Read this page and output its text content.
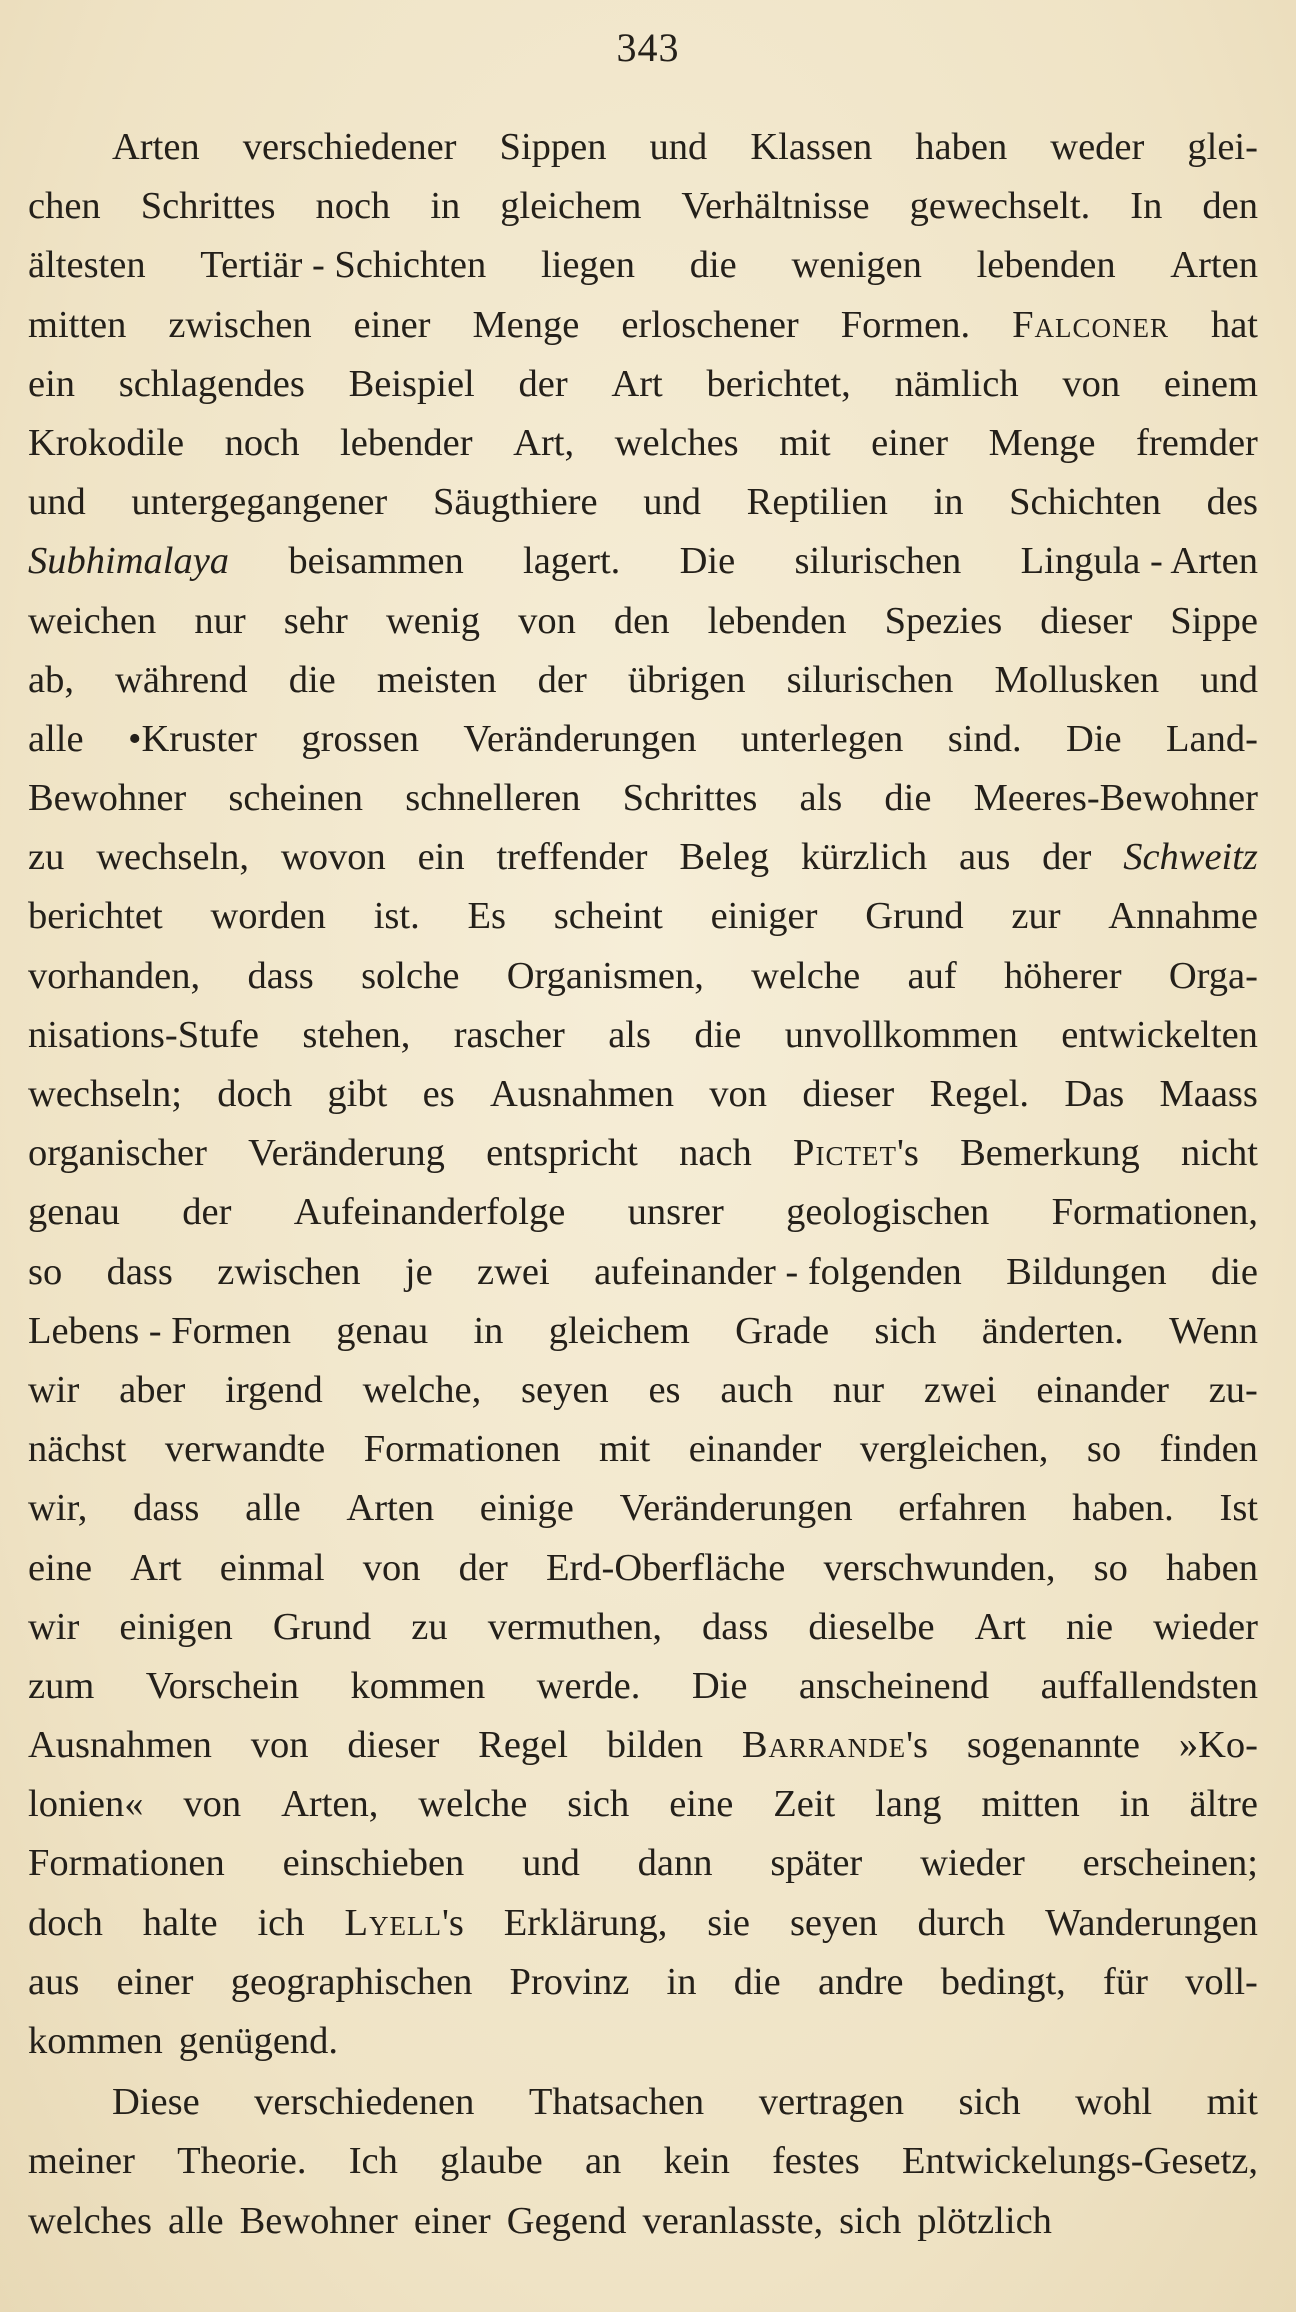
343
Arten verschiedener Sippen und Klassen haben weder glei-
chen Schrittes noch in gleichem Verhältnisse gewechselt. In den
ältesten Tertiär - Schichten liegen die wenigen lebenden Arten
mitten zwischen einer Menge erloschener Formen. Falconer hat
ein schlagendes Beispiel der Art berichtet, nämlich von einem
Krokodile noch lebender Art, welches mit einer Menge fremder
und untergegangener Säugthiere und Reptilien in Schichten des
Subhimalaya beisammen lagert. Die silurischen Lingula - Arten
weichen nur sehr wenig von den lebenden Spezies dieser Sippe
ab, während die meisten der übrigen silurischen Mollusken und
alle •Kruster grossen Veränderungen unterlegen sind. Die Land-
Bewohner scheinen schnelleren Schrittes als die Meeres-Bewohner
zu wechseln, wovon ein treffender Beleg kürzlich aus der Schweitz
berichtet worden ist. Es scheint einiger Grund zur Annahme
vorhanden, dass solche Organismen, welche auf höherer Orga-
nisations-Stufe stehen, rascher als die unvollkommen entwickelten
wechseln; doch gibt es Ausnahmen von dieser Regel. Das Maass
organischer Veränderung entspricht nach Pictet's Bemerkung nicht
genau der Aufeinanderfolge unsrer geologischen Formationen,
so dass zwischen je zwei aufeinander - folgenden Bildungen die
Lebens - Formen genau in gleichem Grade sich änderten. Wenn
wir aber irgend welche, seyen es auch nur zwei einander zu-
nächst verwandte Formationen mit einander vergleichen, so finden
wir, dass alle Arten einige Veränderungen erfahren haben. Ist
eine Art einmal von der Erd-Oberfläche verschwunden, so haben
wir einigen Grund zu vermuthen, dass dieselbe Art nie wieder
zum Vorschein kommen werde. Die anscheinend auffallendsten
Ausnahmen von dieser Regel bilden Barrande's sogenannte »Ko-
lonien« von Arten, welche sich eine Zeit lang mitten in ältre
Formationen einschieben und dann später wieder erscheinen;
doch halte ich Lyell's Erklärung, sie seyen durch Wanderungen
aus einer geographischen Provinz in die andre bedingt, für voll-
kommen genügend.
Diese verschiedenen Thatsachen vertragen sich wohl mit
meiner Theorie. Ich glaube an kein festes Entwickelungs-Gesetz,
welches alle Bewohner einer Gegend veranlasste, sich plötzlich
